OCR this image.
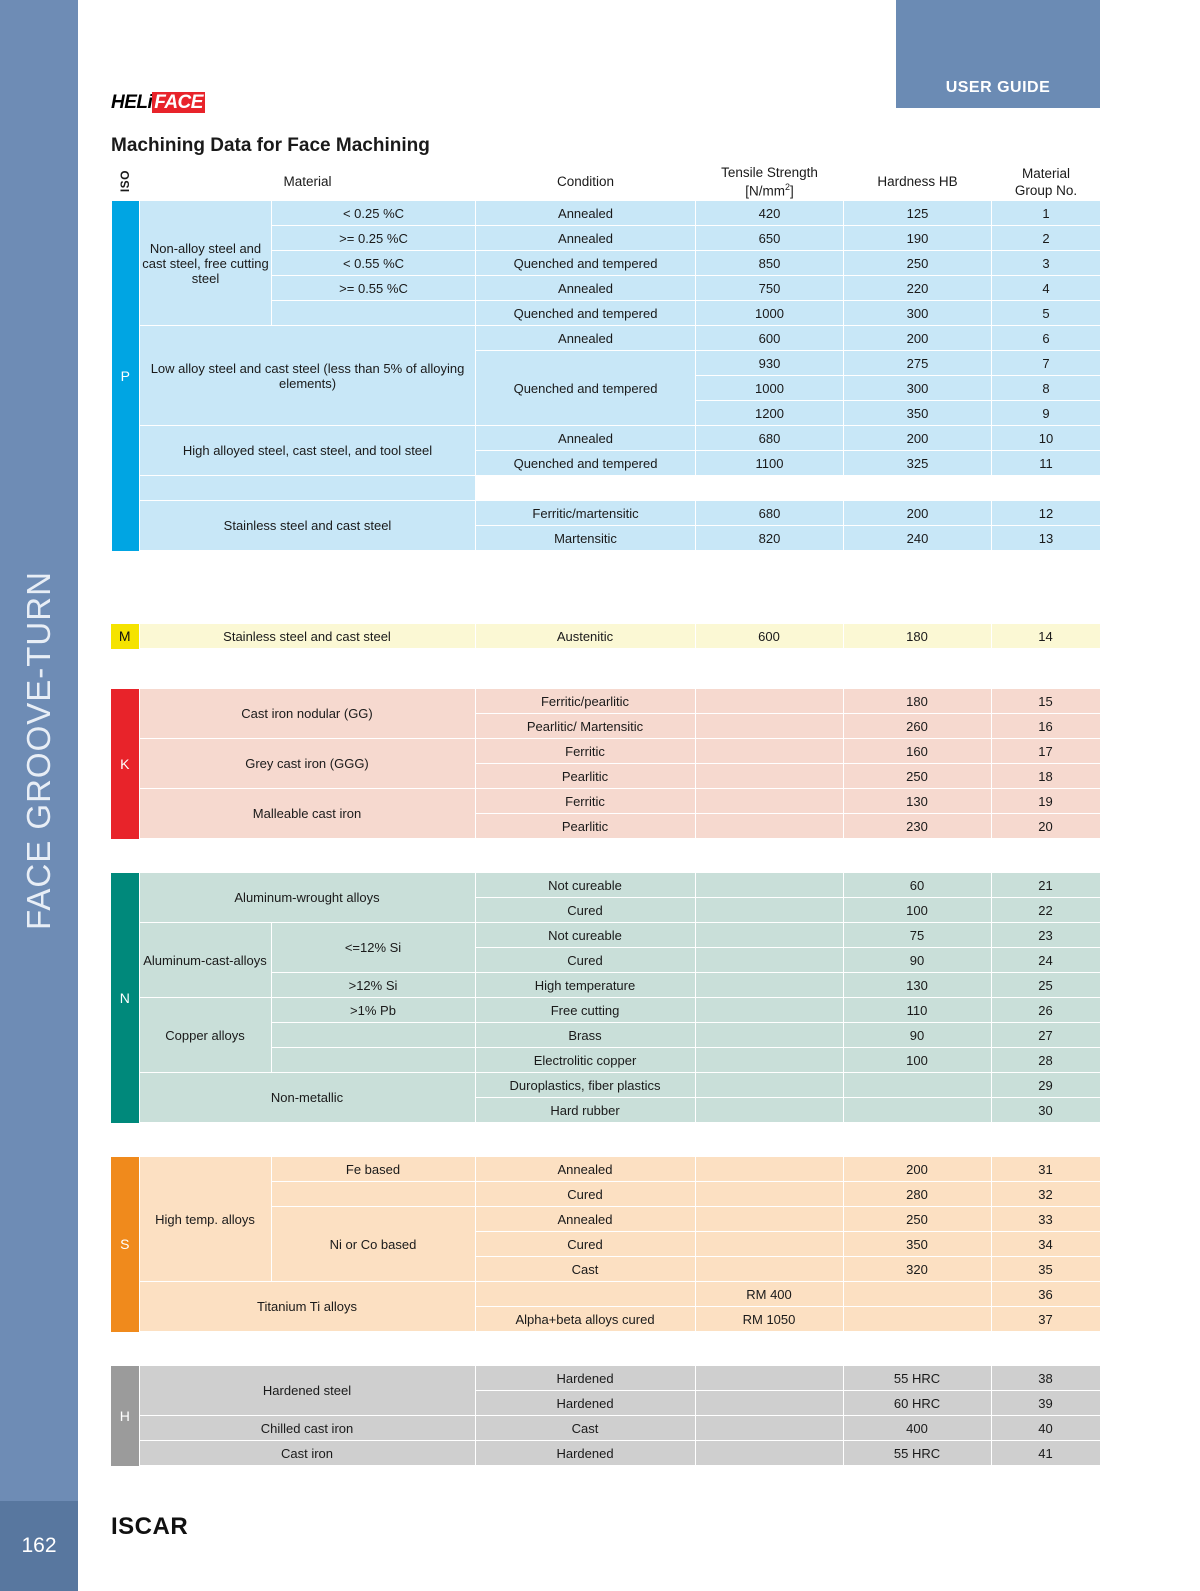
FACE GROOVE-TURN
162
USER GUIDE
HELi FACE
Machining Data for Face Machining
ISO	Material		Condition	Tensile Strength
$[N/mm^2]$	Hardness HB	Material
Group No.
P	Non-alloy steel and cast steel, free cutting steel	< 0.25 %C	Annealed	420	125	1
		>= 0.25 %C	Annealed	650	190	2
		< 0.55 %C	Quenched and tempered	850	250	3
		>= 0.55 %C	Annealed	750	220	4
			Quenched and tempered	1000	300	5
	Low alloy steel and cast steel (less than 5% of alloying elements)		Annealed	600	200	6
			Quenched and tempered	930	275	7
				1000	300	8
				1200	350	9
	High alloyed steel, cast steel, and tool steel		Annealed	680	200	10
			Quenched and tempered	1100	325	11

	Stainless steel and cast steel		Ferritic/martensitic	680	200	12
			Martensitic	820	240	13
M	Stainless steel and cast steel	Austenitic	600	180	14
K	Cast iron nodular (GG)	Ferritic/pearlitic		180	15
		Pearlitic/ Martensitic		260	16
	Grey cast iron (GGG)	Ferritic		160	17
		Pearlitic		250	18
	Malleable cast iron	Ferritic		130	19
		Pearlitic		230	20
N	Aluminum-wrought alloys		Not cureable		60	21
			Cured		100	22
	Aluminum-cast-alloys	<=12% Si	Not cureable		75	23
			Cured		90	24
		>12% Si	High temperature		130	25
	Copper alloys	>1% Pb	Free cutting		110	26
			Brass		90	27
			Electrolitic copper		100	28
	Non-metallic		Duroplastics, fiber plastics			29
			Hard rubber			30
S	High temp. alloys	Fe based	Annealed		200	31
			Cured		280	32
		Ni or Co based	Annealed		250	33
			Cured		350	34
			Cast		320	35
	Titanium Ti alloys			RM 400		36
			Alpha+beta alloys cured	RM 1050		37
H	Hardened steel	Hardened		55 HRC	38
		Hardened		60 HRC	39
	Chilled cast iron	Cast		400	40
	Cast iron	Hardened		55 HRC	41
ISCAR
